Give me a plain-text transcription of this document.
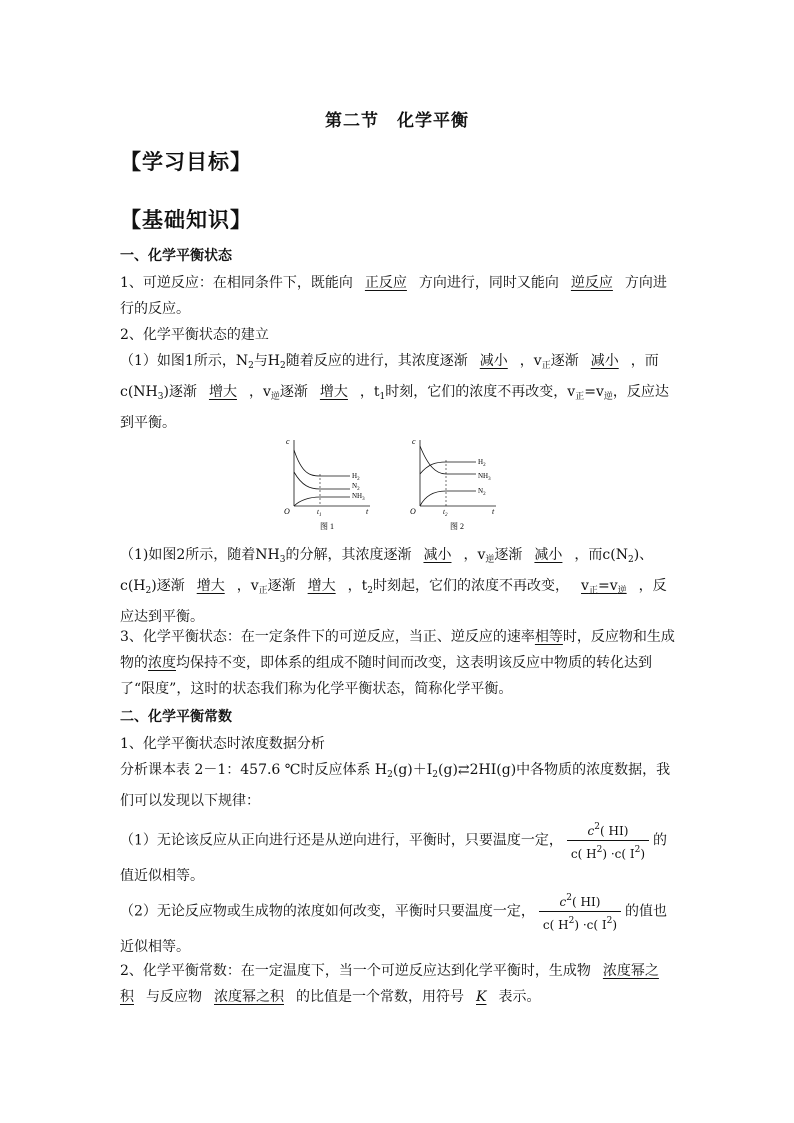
第二节　化学平衡
【学习目标】
【基础知识】
一、化学平衡状态
1、可逆反应：在相同条件下，既能向 正反应 方向进行，同时又能向 逆反应 方向进行的反应。
2、化学平衡状态的建立
（1）如图1所示，$N_2$与$H_2$随着反应的进行，其浓度逐渐 减小 ，$v_正$逐渐 减小 ，而$c(NH_3)$逐渐 增大 ，$v_逆$逐渐 增大 ，$t_1$时刻，它们的浓度不再改变，$v_正=v_逆$，反应达到平衡。
c
O	t
$H_2$
$N_2$
$NH_3$
$t_1$
图 1
c
O	t
$H_2$
$NH_3$
$N_2$
$t_2$
图 2
（1)如图2所示，随着$NH_3$的分解，其浓度逐渐 减小 ，$v_逆$逐渐 减小 ，而$c(N_2)$、$c(H_2)$逐渐 增大 ，$v_正$逐渐 增大 ，$t_2$时刻起，它们的浓度不再改变， $v_正=v_逆$ ，反应达到平衡。
3、化学平衡状态：在一定条件下的可逆反应，当正、逆反应的速率相等时，反应物和生成物的浓度均保持不变，即体系的组成不随时间而改变，这表明该反应中物质的转化达到了“限度”，这时的状态我们称为化学平衡状态，简称化学平衡。
二、化学平衡常数
1、化学平衡状态时浓度数据分析
分析课本表 2－1：457.6 ℃时反应体系 $H_2(g)+I_2(g)⇄2HI(g)$中各物质的浓度数据，我们可以发现以下规律：
（1）无论该反应从正向进行还是从逆向进行，平衡时，只要温度一定， $\frac{c^2( HI)}{c( H^2) \cdot c( I^2)}$ 的值近似相等。
（2）无论反应物或生成物的浓度如何改变，平衡时只要温度一定， $\frac{c^2( HI)}{c( H^2) \cdot c( I^2)}$ 的值也近似相等。
2、化学平衡常数：在一定温度下，当一个可逆反应达到化学平衡时，生成物 浓度幂之积 与反应物 浓度幂之积 的比值是一个常数，用符号 K 表示。
